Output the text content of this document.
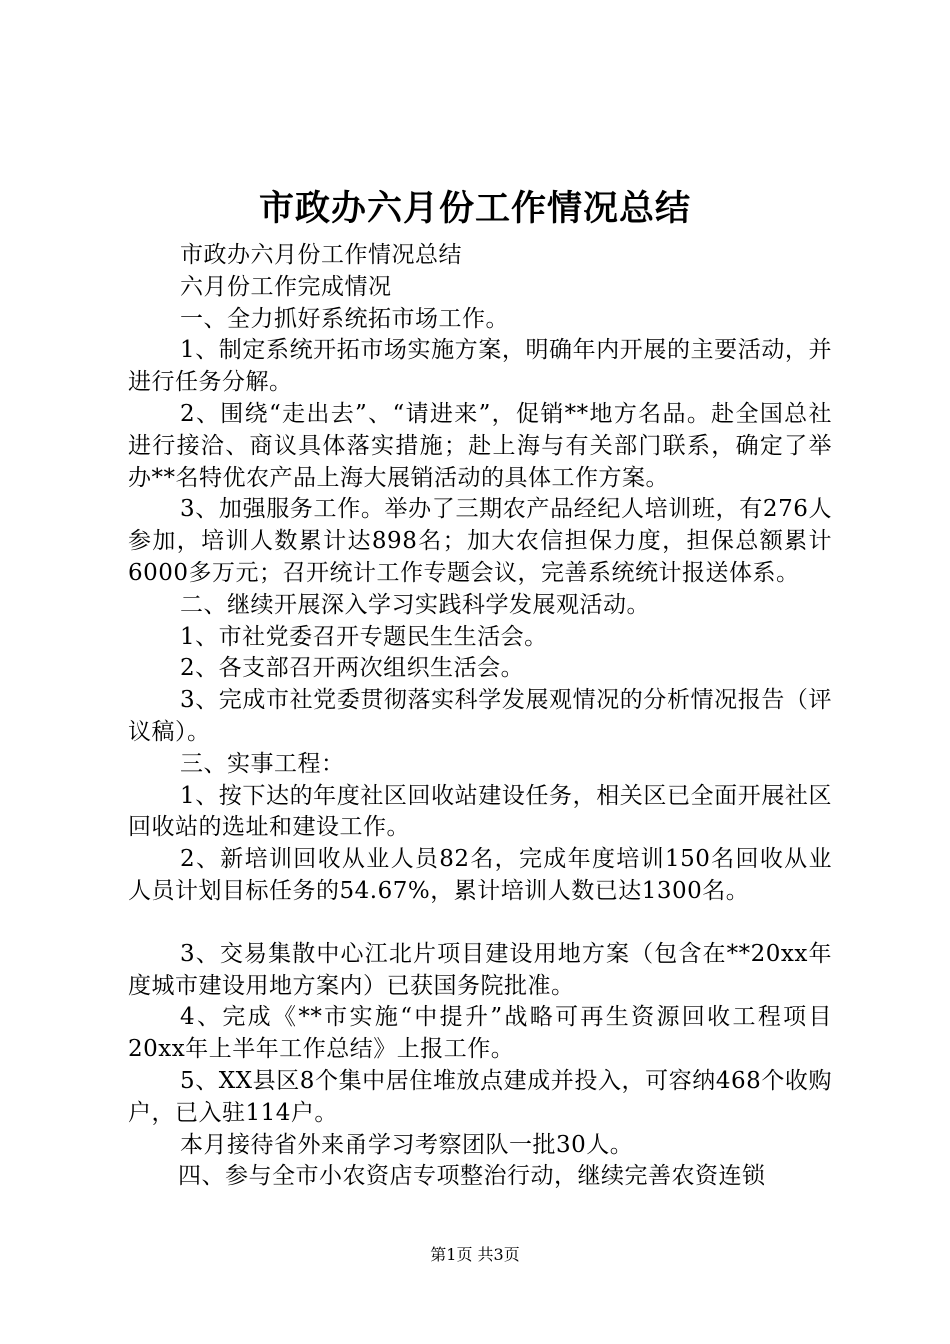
市政办六月份工作情况总结

市政办六月份工作情况总结

六月份工作完成情况

一、全力抓好系统拓市场工作。

1、制定系统开拓市场实施方案，明确年内开展的主要活动，并进行任务分解。

2、围绕“走出去”、“请进来”，促销**地方名品。赴全国总社进行接洽、商议具体落实措施；赴上海与有关部门联系，确定了举办**名特优农产品上海大展销活动的具体工作方案。

3、加强服务工作。举办了三期农产品经纪人培训班，有276人参加，培训人数累计达898名；加大农信担保力度，担保总额累计6000多万元；召开统计工作专题会议，完善系统统计报送体系。

二、继续开展深入学习实践科学发展观活动。

1、市社党委召开专题民生生活会。

2、各支部召开两次组织生活会。

3、完成市社党委贯彻落实科学发展观情况的分析情况报告（评议稿）。

三、实事工程：

1、按下达的年度社区回收站建设任务，相关区已全面开展社区回收站的选址和建设工作。

2、新培训回收从业人员82名，完成年度培训150名回收从业人员计划目标任务的54.67%，累计培训人数已达1300名。

3、交易集散中心江北片项目建设用地方案（包含在**20xx年度城市建设用地方案内）已获国务院批准。

4、完成《**市实施“中提升”战略可再生资源回收工程项目20xx年上半年工作总结》上报工作。

5、XX县区8个集中居住堆放点建成并投入，可容纳468个收购户，已入驻114户。

本月接待省外来甬学习考察团队一批30人。

四、参与全市小农资店专项整治行动，继续完善农资连锁

第1页 共3页
